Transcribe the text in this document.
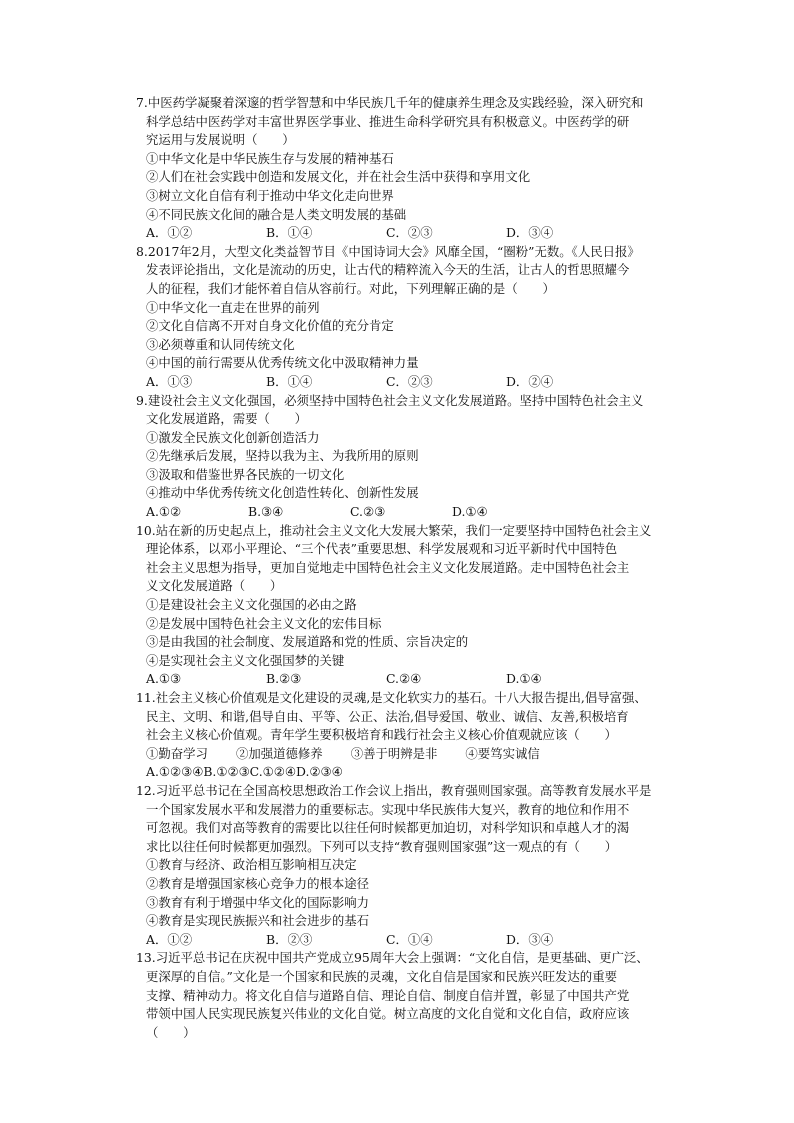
7.中医药学凝聚着深邃的哲学智慧和中华民族几千年的健康养生理念及实践经验，深入研究和
科学总结中医药学对丰富世界医学事业、推进生命科学研究具有积极意义。中医药学的研
究运用与发展说明（　　）
①中华文化是中华民族生存与发展的精神基石
②人们在社会实践中创造和发展文化，并在社会生活中获得和享用文化
③树立文化自信有利于推动中华文化走向世界
④不同民族文化间的融合是人类文明发展的基础
A．①②	B．①④	C．②③	D．③④
8.2017年2月，大型文化类益智节目《中国诗词大会》风靡全国，“圈粉”无数。《人民日报》
发表评论指出，文化是流动的历史，让古代的精粹流入今天的生活，让古人的哲思照耀今
人的征程，我们才能怀着自信从容前行。对此，下列理解正确的是（　　）
①中华文化一直走在世界的前列
②文化自信离不开对自身文化价值的充分肯定
③必须尊重和认同传统文化
④中国的前行需要从优秀传统文化中汲取精神力量
A．①③	B．①④	C．②③	D．②④
9.建设社会主义文化强国，必须坚持中国特色社会主义文化发展道路。坚持中国特色社会主义
文化发展道路，需要（　　）
①激发全民族文化创新创造活力
②先继承后发展，坚持以我为主、为我所用的原则
③汲取和借鉴世界各民族的一切文化
④推动中华优秀传统文化创造性转化、创新性发展
A.①②	B.③④	C.②③	D.①④
10.站在新的历史起点上，推动社会主义文化大发展大繁荣，我们一定要坚持中国特色社会主义
理论体系，以邓小平理论、“三个代表”重要思想、科学发展观和习近平新时代中国特色
社会主义思想为指导，更加自觉地走中国特色社会主义文化发展道路。走中国特色社会主
义文化发展道路（　　）
①是建设社会主义文化强国的必由之路
②是发展中国特色社会主义文化的宏伟目标
③是由我国的社会制度、发展道路和党的性质、宗旨决定的
④是实现社会主义文化强国梦的关键
A.①③	B.②③	C.②④	D.①④
11.社会主义核心价值观是文化建设的灵魂,是文化软实力的基石。十八大报告提出,倡导富强、
民主、文明、和谐,倡导自由、平等、公正、法治,倡导爱国、敬业、诚信、友善,积极培育
社会主义核心价值观。青年学生要积极培育和践行社会主义核心价值观就应该（　　）
①勤奋学习 ②加强道德修养 ③善于明辨是非 ④要笃实诚信
A.①②③④B.①②③C.①②④D.②③④
12.习近平总书记在全国高校思想政治工作会议上指出，教育强则国家强。高等教育发展水平是
一个国家发展水平和发展潜力的重要标志。实现中华民族伟大复兴，教育的地位和作用不
可忽视。我们对高等教育的需要比以往任何时候都更加迫切，对科学知识和卓越人才的渴
求比以往任何时候都更加强烈。下列可以支持“教育强则国家强”这一观点的有（　　）
①教育与经济、政治相互影响相互决定
②教育是增强国家核心竞争力的根本途径
③教育有利于增强中华文化的国际影响力
④教育是实现民族振兴和社会进步的基石
A．①②	B．②③	C．①④	D．③④
13.习近平总书记在庆祝中国共产党成立95周年大会上强调：“文化自信，是更基础、更广泛、
更深厚的自信。”文化是一个国家和民族的灵魂，文化自信是国家和民族兴旺发达的重要
支撑、精神动力。将文化自信与道路自信、理论自信、制度自信并置，彰显了中国共产党
带领中国人民实现民族复兴伟业的文化自觉。树立高度的文化自觉和文化自信，政府应该
（　　）
